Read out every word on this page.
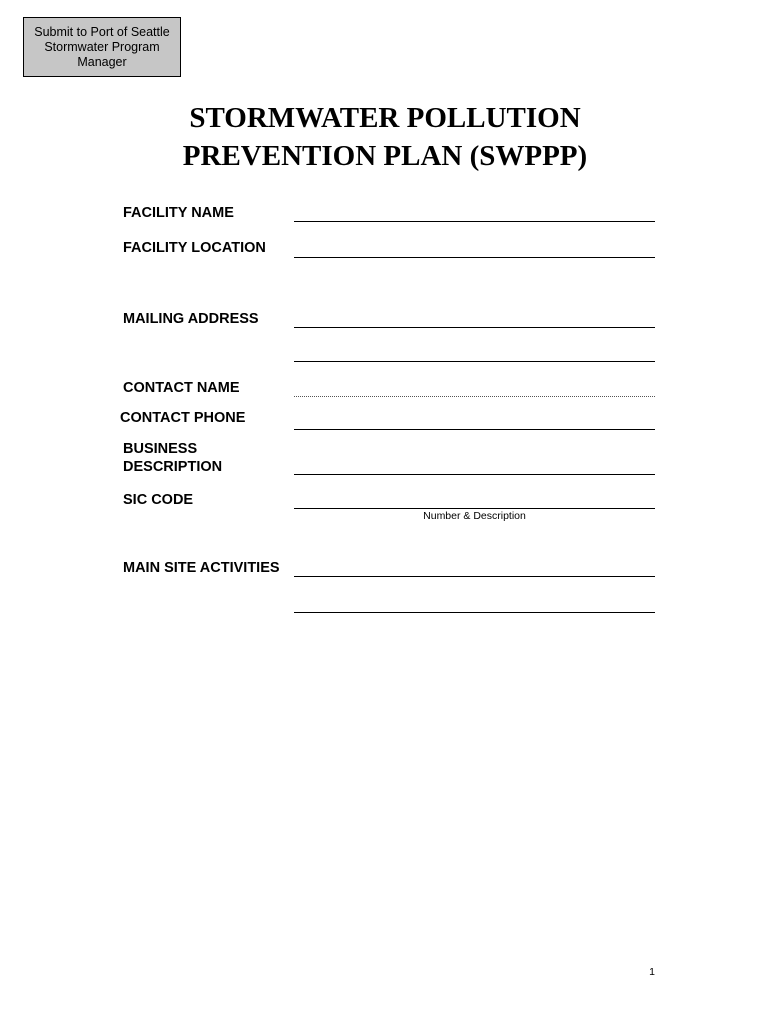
Submit to Port of Seattle
Stormwater Program
Manager
STORMWATER POLLUTION
PREVENTION PLAN (SWPPP)
FACILITY NAME
FACILITY LOCATION
MAILING ADDRESS
CONTACT NAME
CONTACT PHONE
BUSINESS
DESCRIPTION
SIC CODE
Number & Description
MAIN SITE ACTIVITIES
1
